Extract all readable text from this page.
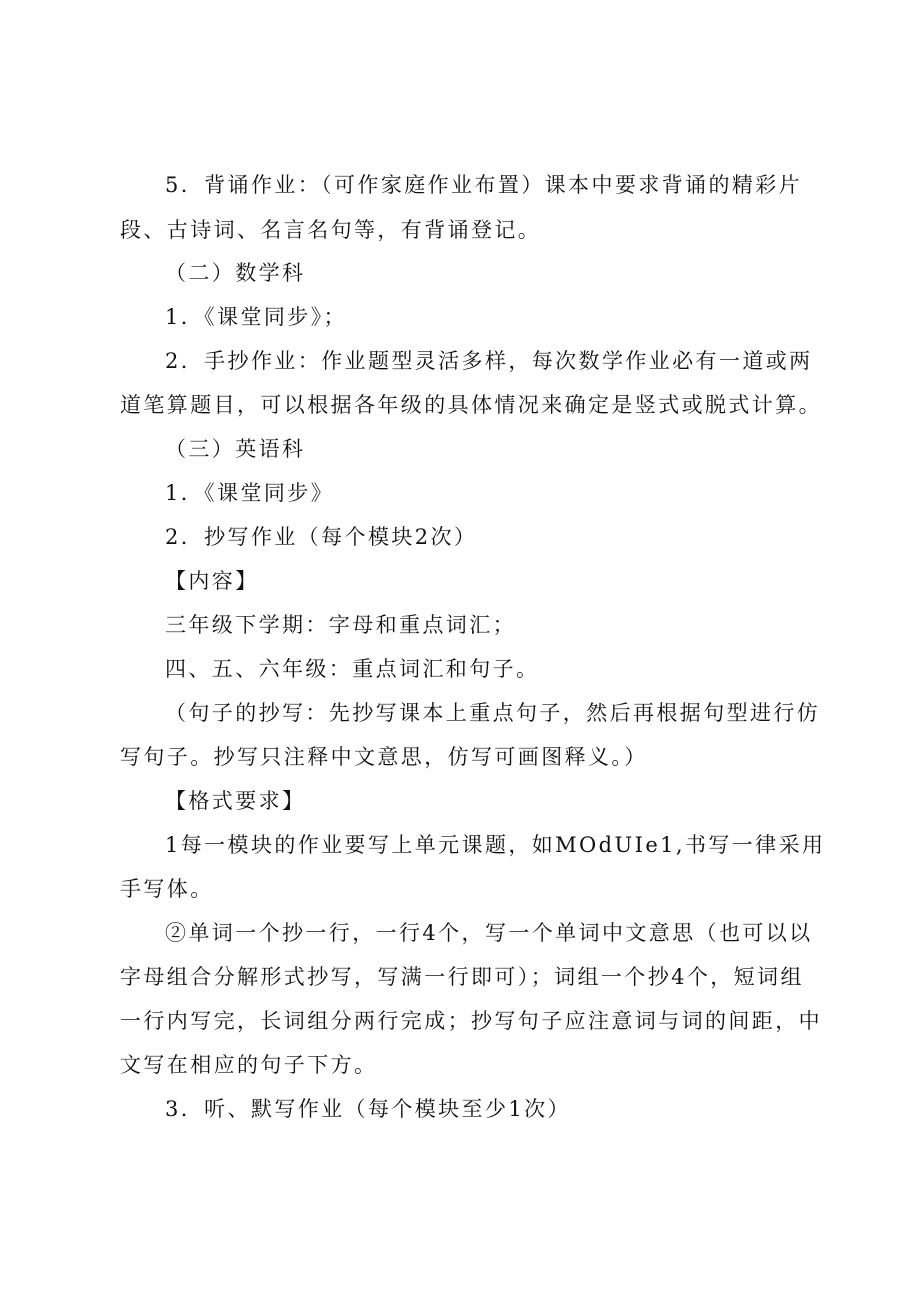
5．背诵作业：（可作家庭作业布置）课本中要求背诵的精彩片
段、古诗词、名言名句等，有背诵登记。
（二）数学科
1．《课堂同步》；
2．手抄作业：作业题型灵活多样，每次数学作业必有一道或两
道笔算题目，可以根据各年级的具体情况来确定是竖式或脱式计算。
（三）英语科
1．《课堂同步》
2．抄写作业（每个模块2次）
【内容】
三年级下学期：字母和重点词汇；
四、五、六年级：重点词汇和句子。
（句子的抄写：先抄写课本上重点句子，然后再根据句型进行仿
写句子。抄写只注释中文意思，仿写可画图释义。）
【格式要求】
1每一模块的作业要写上单元课题，如MOdUIe1,书写一律采用
手写体。
②单词一个抄一行，一行4个，写一个单词中文意思（也可以以
字母组合分解形式抄写，写满一行即可）；词组一个抄4个，短词组
一行内写完，长词组分两行完成；抄写句子应注意词与词的间距，中
文写在相应的句子下方。
3．听、默写作业（每个模块至少1次）
